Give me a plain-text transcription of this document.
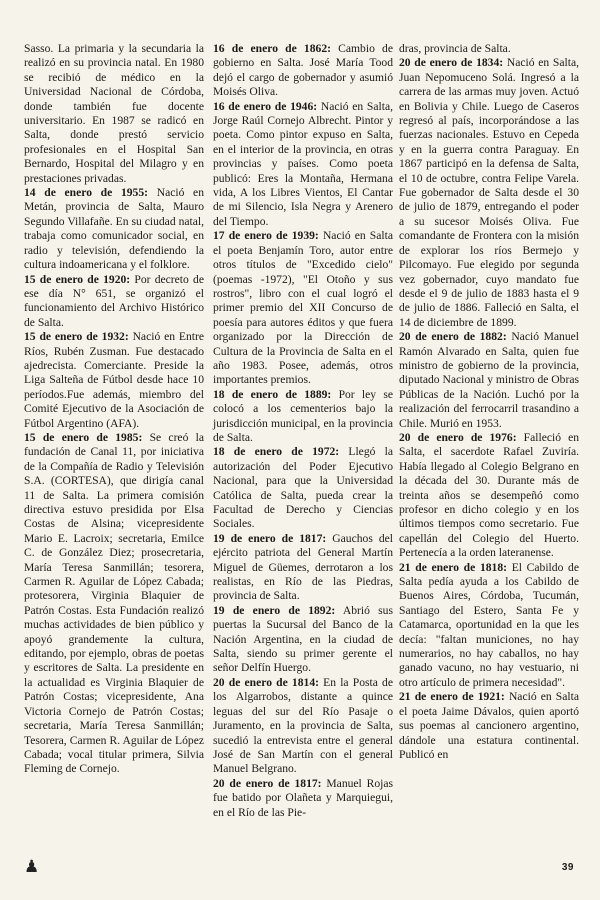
Sasso. La primaria y la secundaria la realizó en su provincia natal. En 1980 se recibió de médico en la Universidad Nacional de Córdoba, donde también fue docente universitario. En 1987 se radicó en Salta, donde prestó servicio profesionales en el Hospital San Bernardo, Hospital del Milagro y en prestaciones privadas.

14 de enero de 1955: Nació en Metán, provincia de Salta, Mauro Segundo Villafañe. En su ciudad natal, trabaja como comunicador social, en radio y televisión, defendiendo la cultura indoamericana y el folklore.

15 de enero de 1920: Por decreto de ese día N° 651, se organizó el funcionamiento del Archivo Histórico de Salta.

15 de enero de 1932: Nació en Entre Ríos, Rubén Zusman. Fue destacado ajedrecista. Comerciante. Preside la Liga Salteña de Fútbol desde hace 10 períodos.Fue además, miembro del Comité Ejecutivo de la Asociación de Fútbol Argentino (AFA).

15 de enero de 1985: Se creó la fundación de Canal 11, por iniciativa de la Compañía de Radio y Televisión S.A. (CORTESA), que dirigía canal 11 de Salta. La primera comisión directiva estuvo presidida por Elsa Costas de Alsina; vicepresidente Mario E. Lacroix; secretaria, Emilce C. de González Diez; prosecretaria, María Teresa Sanmillán; tesorera, Carmen R. Aguilar de López Cabada; protesorera, Virginia Blaquier de Patrón Costas. Esta Fundación realizó muchas actividades de bien público y apoyó grandemente la cultura, editando, por ejemplo, obras de poetas y escritores de Salta. La presidente en la actualidad es Virginia Blaquier de Patrón Costas; vicepresidente, Ana Victoria Cornejo de Patrón Costas; secretaria, María Teresa Sanmillán; Tesorera, Carmen R. Aguilar de López Cabada; vocal titular primera, Silvia Fleming de Cornejo.

16 de enero de 1862: Cambio de gobierno en Salta. José María Tood dejó el cargo de gobernador y asumió Moisés Oliva.

16 de enero de 1946: Nació en Salta, Jorge Raúl Cornejo Albrecht. Pintor y poeta. Como pintor expuso en Salta, en el interior de la provincia, en otras provincias y países. Como poeta publicó: Eres la Montaña, Hermana vida, A los Libres Vientos, El Cantar de mi Silencio, Isla Negra y Arenero del Tiempo.

17 de enero de 1939: Nació en Salta el poeta Benjamín Toro, autor entre otros títulos de "Excedido cielo" (poemas -1972), "El Otoño y sus rostros", libro con el cual logró el primer premio del XII Concurso de poesía para autores éditos y que fuera organizado por la Dirección de Cultura de la Provincia de Salta en el año 1983. Posee, además, otros importantes premios.

18 de enero de 1889: Por ley se colocó a los cementerios bajo la jurisdicción municipal, en la provincia de Salta.

18 de enero de 1972: Llegó la autorización del Poder Ejecutivo Nacional, para que la Universidad Católica de Salta, pueda crear la Facultad de Derecho y Ciencias Sociales.

19 de enero de 1817: Gauchos del ejército patriota del General Martín Miguel de Güemes, derrotaron a los realistas, en Río de las Piedras, provincia de Salta.

19 de enero de 1892: Abrió sus puertas la Sucursal del Banco de la Nación Argentina, en la ciudad de Salta, siendo su primer gerente el señor Delfín Huergo.

20 de enero de 1814: En la Posta de los Algarrobos, distante a quince leguas del sur del Río Pasaje o Juramento, en la provincia de Salta, sucedió la entrevista entre el general José de San Martín con el general Manuel Belgrano.

20 de enero de 1817: Manuel Rojas fue batido por Olañeta y Marquiegui, en el Río de las Pie-

dras, provincia de Salta.

20 de enero de 1834: Nació en Salta, Juan Nepomuceno Solá. Ingresó a la carrera de las armas muy joven. Actuó en Bolivia y Chile. Luego de Caseros regresó al país, incorporándose a las fuerzas nacionales. Estuvo en Cepeda y en la guerra contra Paraguay. En 1867 participó en la defensa de Salta, el 10 de octubre, contra Felipe Varela. Fue gobernador de Salta desde el 30 de julio de 1879, entregando el poder a su sucesor Moisés Oliva. Fue comandante de Frontera con la misión de explorar los ríos Bermejo y Pilcomayo. Fue elegido por segunda vez gobernador, cuyo mandato fue desde el 9 de julio de 1883 hasta el 9 de julio de 1886. Falleció en Salta, el 14 de diciembre de 1899.

20 de enero de 1882: Nació Manuel Ramón Alvarado en Salta, quien fue ministro de gobierno de la provincia, diputado Nacional y ministro de Obras Públicas de la Nación. Luchó por la realización del ferrocarril trasandino a Chile. Murió en 1953.

20 de enero de 1976: Falleció en Salta, el sacerdote Rafael Zuviría. Había llegado al Colegio Belgrano en la década del 30. Durante más de treinta años se desempeñó como profesor en dicho colegio y en los últimos tiempos como secretario. Fue capellán del Colegio del Huerto. Pertenecía a la orden lateranense.

21 de enero de 1818: El Cabildo de Salta pedía ayuda a los Cabildo de Buenos Aires, Córdoba, Tucumán, Santiago del Estero, Santa Fe y Catamarca, oportunidad en la que les decía: "faltan municiones, no hay numerarios, no hay caballos, no hay ganado vacuno, no hay vestuario, ni otro artículo de primera necesidad".

21 de enero de 1921: Nació en Salta el poeta Jaime Dávalos, quien aportó sus poemas al cancionero argentino, dándole una estatura continental. Publicó en

♟	39
